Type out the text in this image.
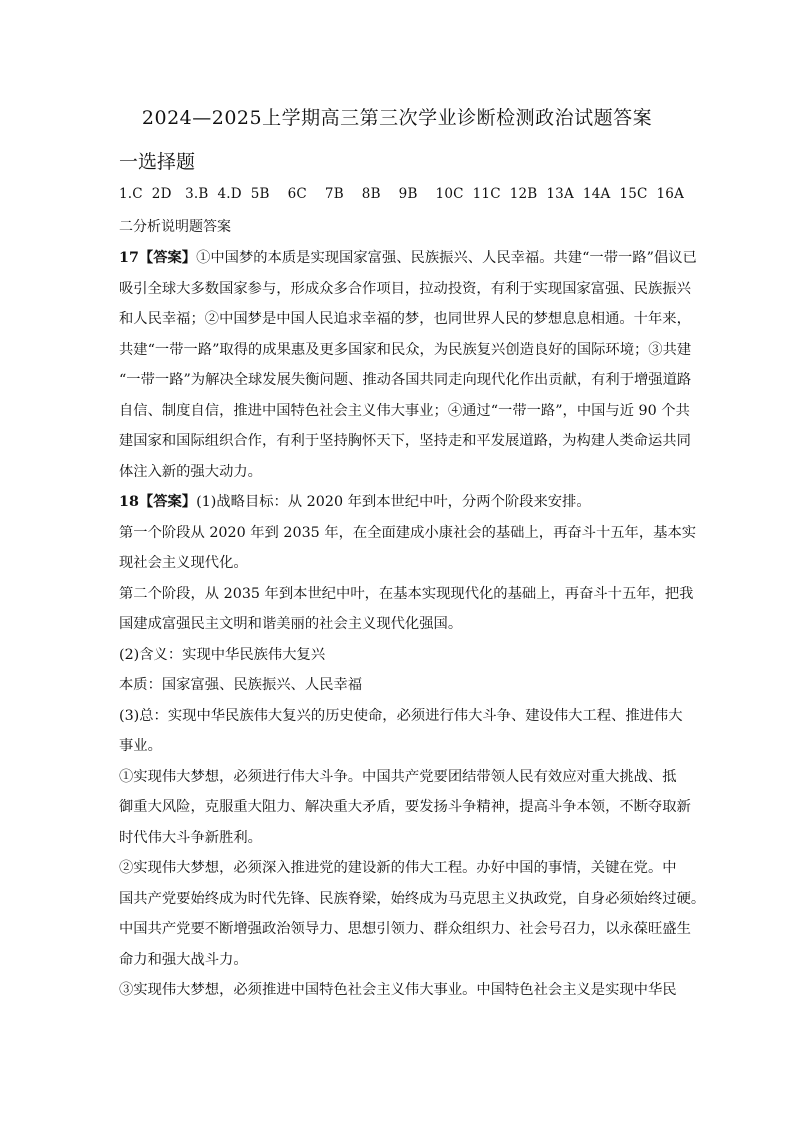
2024—2025上学期高三第三次学业诊断检测政治试题答案
一选择题
1.C  2D   3.B  4.D  5B    6C    7B    8B    9B    10C  11C  12B  13A  14A  15C  16A
二分析说明题答案

17【答案】①中国梦的本质是实现国家富强、民族振兴、人民幸福。共建“一带一路”倡议已

吸引全球大多数国家参与，形成众多合作项目，拉动投资，有利于实现国家富强、民族振兴

和人民幸福；②中国梦是中国人民追求幸福的梦，也同世界人民的梦想息息相通。十年来，

共建“一带一路”取得的成果惠及更多国家和民众，为民族复兴创造良好的国际环境；③共建

“一带一路”为解决全球发展失衡问题、推动各国共同走向现代化作出贡献，有利于增强道路

自信、制度自信，推进中国特色社会主义伟大事业；④通过“一带一路”，中国与近 90 个共

建国家和国际组织合作，有利于坚持胸怀天下，坚持走和平发展道路，为构建人类命运共同

体注入新的强大动力。

18【答案】(1)战略目标：从 2020 年到本世纪中叶，分两个阶段来安排。

第一个阶段从 2020 年到 2035 年，在全面建成小康社会的基础上，再奋斗十五年，基本实

现社会主义现代化。

第二个阶段，从 2035 年到本世纪中叶，在基本实现现代化的基础上，再奋斗十五年，把我

国建成富强民主文明和谐美丽的社会主义现代化强国。

(2)含义：实现中华民族伟大复兴

本质：国家富强、民族振兴、人民幸福

(3)总：实现中华民族伟大复兴的历史使命，必须进行伟大斗争、建设伟大工程、推进伟大

事业。

①实现伟大梦想，必须进行伟大斗争。中国共产党要团结带领人民有效应对重大挑战、抵

御重大风险，克服重大阻力、解决重大矛盾，要发扬斗争精神，提高斗争本领，不断夺取新

时代伟大斗争新胜利。

②实现伟大梦想，必须深入推进党的建设新的伟大工程。办好中国的事情，关键在党。中

国共产党要始终成为时代先锋、民族脊梁，始终成为马克思主义执政党，自身必须始终过硬。

中国共产党要不断增强政治领导力、思想引领力、群众组织力、社会号召力，以永葆旺盛生

命力和强大战斗力。

③实现伟大梦想，必须推进中国特色社会主义伟大事业。中国特色社会主义是实现中华民
